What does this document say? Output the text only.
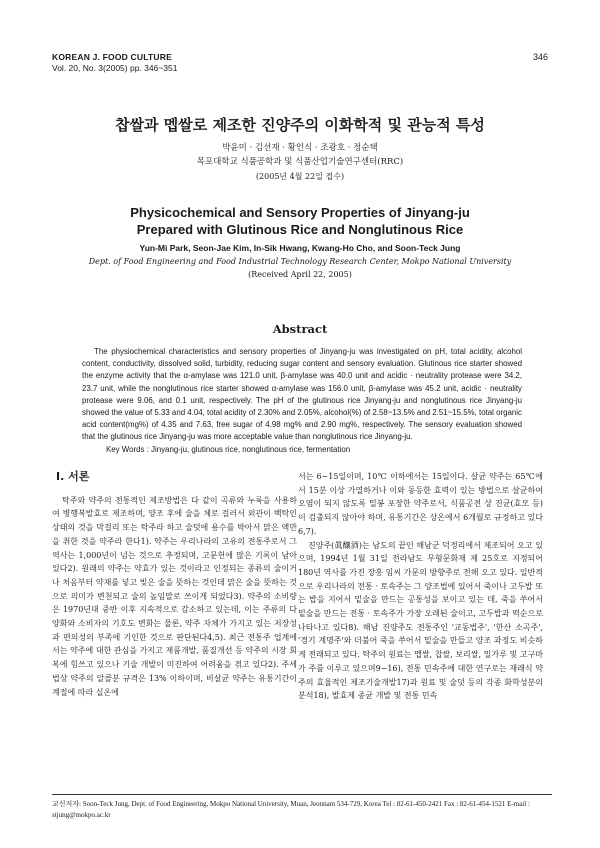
KOREAN J. FOOD CULTURE
Vol. 20, No. 3(2005) pp. 346~351
346
찹쌀과 멥쌀로 제조한 진양주의 이화학적 및 관능적 특성
박윤미 · 김선재 · 황인식 · 조광호 · 정순택
목포대학교 식품공학과 및 식품산업기술연구센터(RRC)
(2005년 4월 22일 접수)
Physicochemical and Sensory Properties of Jinyang-ju
Prepared with Glutinous Rice and Nonglutinous Rice
Yun-Mi Park, Seon-Jae Kim, In-Sik Hwang, Kwang-Ho Cho, and Soon-Teck Jung
Dept. of Food Engineering and Food Industrial Technology Research Center, Mokpo National University
(Received April 22, 2005)
Abstract

The physiochemical characteristics and sensory properties of Jinyang-ju was investigated on pH, total acidity, alcohol content, conductivity, dissolved solid, turbidity, reducing sugar content and sensory evaluation. Glutinous rice starter showed the enzyme activity that the α-amylase was 121.0 unit, β-amylase was 40.0 unit and acidic · neutrality protease were 34.2, 23.7 unit, while the nonglutinous rice starter showed α-amylase was 156.0 unit, β-amylase was 45.2 unit, acidic · neutrality protease were 9.06, and 0.1 unit, respectively. The pH of the glutinous rice Jinyang-ju and nonglutinous rice Jinyang-ju showed the value of 5.33 and 4.04, total acidity of 2.30% and 2.05%, alcohol(%) of 2.58~13.5% and 2.51~15.5%, total organic acid content(mg%) of 4.35 and 7.63, free sugar of 4.98 mg% and 2.90 mg%, respectively. The sensory evaluation showed that the glutinous rice Jinyang-ju was more acceptable value than nonglutinous rice Jinyang-ju.

Key Words : Jinyang-ju, glutinous rice, nonglutinous rice, fermentation

I. 서론

탁주와 약주의 전통적인 제조방법은 다 같이 곡류와 누룩을 사용하여 병행복발효로 제조하며, 양조 후에 술을 체로 걸러서 외관이 백탁인 상태의 것을 막걸리 또는 탁주라 하고 술덧에 용수를 박아서 맑은 액만을 취한 것을 약주라 한다1). 약주는 우리나라의 고유의 전통주로서 그 역사는 1,000년이 넘는 것으로 추정되며, 고문헌에 많은 기록이 남아 있다2). 원래의 약주는 약효가 있는 것이라고 인정되는 종류의 술이거나 처음부터 약재를 넣고 빚은 술을 뜻하는 것인데 맑은 술을 뜻하는 것으로 의미가 변천되고 술의 높임말로 쓰이게 되었다3). 약주의 소비량은 1970년대 중반 이후 지속적으로 감소하고 있는데, 이는 주류의 다양화와 소비자의 기호도 변화는 물론, 약주 자체가 가지고 있는 저장성과 편의성의 부족에 기인한 것으로 판단된다4,5). 최근 전통주 업계에서는 약주에 대한 관심을 가지고 제품개발, 품질개선 등 약주의 시장 회복에 힘쓰고 있으나 기술 개발이 미진하여 어려움을 겪고 있다2). 주세법상 약주의 알콜분 규격은 13% 이하이며, 비살균 약주는 유통기간이 계절에 따라 실온에

서는 6~15일이며, 10℃ 이하에서는 15일이다. 살균 약주는 65℃에서 15분 이상 가열하거나 이와 동등한 효력이 있는 방법으로 살균하여 오염이 되지 않도록 밀봉 포장한 약주로서, 식품공전 상 진균(효모 등)이 검출되지 않아야 하며, 유통기간은 상온에서 6개월로 규정하고 있다6,7).

진양주(眞釀酒)는 남도의 끝인 해남군 덕정리에서 제조되어 오고 있으며, 1994년 1월 31일 전라남도 무형문화재 제 25호로 지정되어 180년 역사를 가진 장흥 임씨 가문의 방향주로 전해 오고 있다. 일반적으로 우리나라의 전통 · 토속주는 그 양조법에 있어서 죽이나 고두밥 또는 밥을 지어서 밑술을 만드는 공통성을 보이고 있는 데, 죽을 쑤어서 밑술을 만드는 전통 · 토속주가 가장 오래된 술이고, 고두밥과 떡순으로 나타나고 있다8). 해남 진양주도 전통주인 '교동법주', '한산 소곡주', '경기 계명주'와 더불어 죽을 쑤어서 밑술을 만들고 양조 과정도 비슷하게 전래되고 있다. 탁주의 원료는 멥쌀, 찹쌀, 보리쌀, 밀가루 및 고구마가 주를 이루고 있으며9~16), 전통 민속주에 대한 연구로는 재래식 약주의 효율적인 제조기술개발17)과 원료 및 술덧 등의 각종 화학성분의 분석18), 발효제 종균 개발 및 전통 민속

교신저자: Soon-Teck Jung, Dept. of Food Engineering, Mokpo National University, Muan, Jeonnam 534-729, Korea Tel : 82-61-450-2421 Fax : 82-61-454-1521 E-mail : stjung@mokpo.ac.kr
